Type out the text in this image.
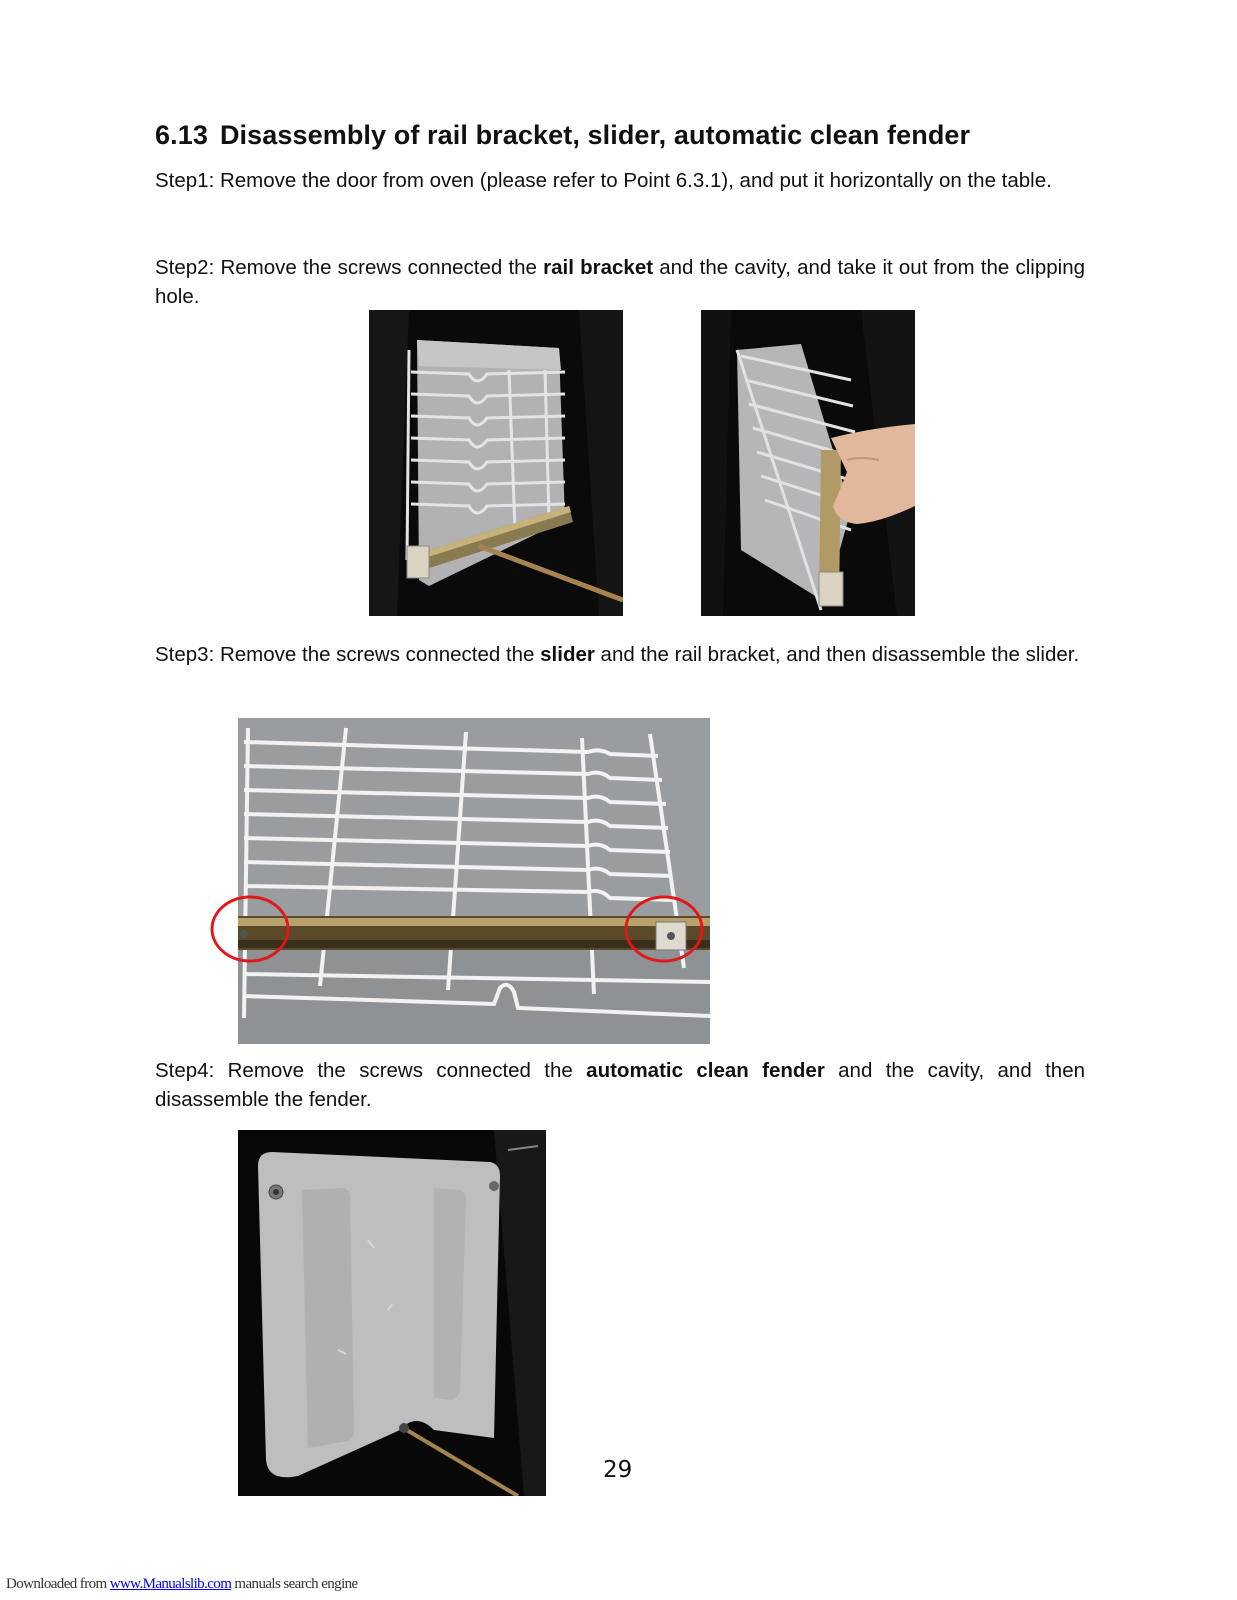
6.13 Disassembly of rail bracket, slider, automatic clean fender

Step1: Remove the door from oven (please refer to Point 6.3.1), and put it horizontally on the table.

Step2: Remove the screws connected the rail bracket and the cavity, and take it out from the clipping hole.

Step3: Remove the screws connected the slider and the rail bracket, and then disassemble the slider.

Step4: Remove the screws connected the automatic clean fender and the cavity, and then disassemble the fender.

29
Downloaded from www.Manualslib.com manuals search engine
